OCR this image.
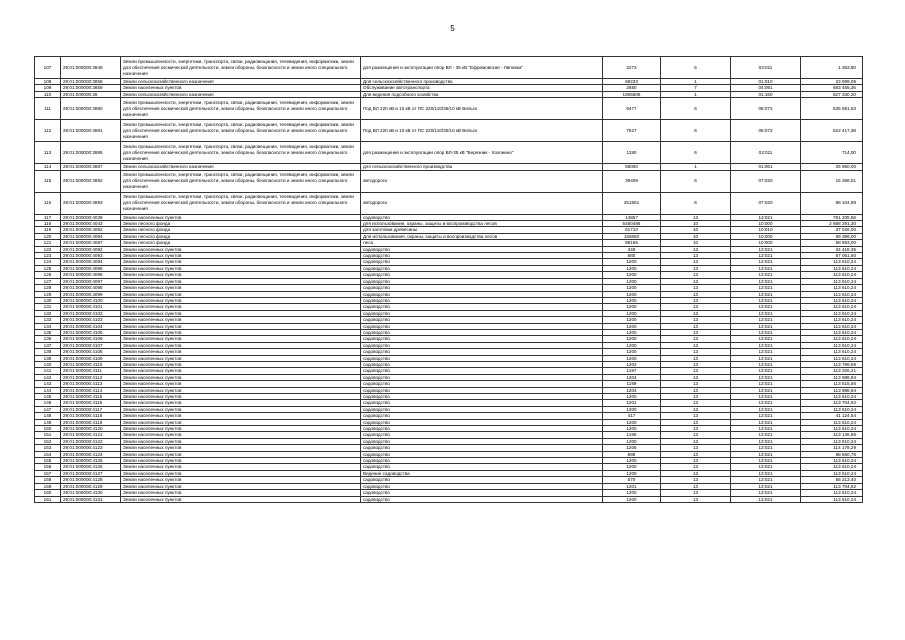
5
107	29:01:000000:3849	Земли промышленности, энергетики, транспорта, связи, радиовещания, телевидения, информатики, земли для обеспечения космической деятельности, земли обороны, безопасности и земли иного специального назначения	для размещения и эксплуатации опор ВЛ - 35 кВ "Ефремовская - Липовка"	2273	6	03:011	1 363,80
108	29:01:000000:3858	Земли сельскохозяйственного назначения	Для сельскохозяйственного производства	68233	1	01:010	23 899,05
109	29:01:000000:3859	Земли населенных пунктов	Обслуживание автотранспорта	2680	7	04:091	683 455,36
110	29:01:000000:38	Земли сельскохозяйственного назначения	Для ведения подсобного хозяйства	1865506	1	01:160	827 330,20
111	29:01:000000:3880	Земли промышленности, энергетики, транспорта, связи, радиовещания, телевидения, информатики, земли для обеспечения космической деятельности, земли обороны, безопасности и земли иного специального назначения	Под ВЛ 220 кВ и 10 кВ от ПС 220/110/35/10 кВ Вельск	6477	6	08:072	535 591,53
112	29:01:000000:3881	Земли промышленности, энергетики, транспорта, связи, радиовещания, телевидения, информатики, земли для обеспечения космической деятельности, земли обороны, безопасности и земли иного специального назначения	Под ВЛ 220 кВ и 10 кВ от ПС 220/110/35/10 кВ Вельск	7527	6	08:072	622 417,38
113	29:01:000000:3885	Земли промышленности, энергетики, транспорта, связи, радиовещания, телевидения, информатики, земли для обеспечения космической деятельности, земли обороны, безопасности и земли иного специального назначения	для размещения и эксплуатации опор ВЛ-35 кВ "Березник - Хохонино"	1190	6	03:011	714,00
114	29:01:000000:3887	Земли сельскохозяйственного назначения	для сельскохозяйственного производства	58000	1	01:061	25 960,00
115	29:01:000000:3892	Земли промышленности, энергетики, транспорта, связи, радиовещания, телевидения, информатики, земли для обеспечения космической деятельности, земли обороны, безопасности и земли иного специального назначения	автодорога	39409	6	07:020	15 368,51
116	29:01:000000:3893	Земли промышленности, энергетики, транспорта, связи, радиовещания, телевидения, информатики, земли для обеспечения космической деятельности, земли обороны, безопасности и земли иного специального назначения	автодорога	251551	6	07:020	98 104,89
117	29:01:000000:4039	Земли населенных пунктов	садоводство	14857	13	13:021	791 205,56
118	29:01:000000:4043	Земли лесного фонда	для использования, охраны, защиты и воспроизводства лесов	5460486	10	10:000	2 688 291,30
119	29:01:000000:4082	Земли лесного фонда	для заготовки древесины	61710	10	10:010	37 026,00
120	29:01:000000:4084	Земли лесного фонда	Для использования, охраны, защиты и воспроизводства лесов	165660	10	10:000	99 396,00
121	29:01:000000:4087	Земли лесного фонда	леса	98155	10	10:000	58 893,00
122	29:01:000000:4092	Земли населенных пунктов	садоводство	349	13	13:021	34 418,35
123	29:01:000000:4093	Земли населенных пунктов	садоводство	680	13	13:021	67 061,60
124	29:01:000000:4094	Земли населенных пунктов	садоводство	1200	13	13:021	113 610,24
125	29:01:000000:4095	Земли населенных пунктов	садоводство	1200	13	13:021	113 610,24
126	29:01:000000:4096	Земли населенных пунктов	садоводство	1200	13	13:021	113 610,24
127	29:01:000000:4097	Земли населенных пунктов	садоводство	1200	13	13:021	113 610,24
128	29:01:000000:4098	Земли населенных пунктов	садоводство	1200	13	13:021	113 610,24
129	29:01:000000:4099	Земли населенных пунктов	садоводство	1200	13	13:021	113 610,24
130	29:01:000000:4100	Земли населенных пунктов	садоводство	1200	13	13:021	113 610,24
131	29:01:000000:4101	Земли населенных пунктов	садоводство	1200	13	13:021	113 610,24
132	29:01:000000:4102	Земли населенных пунктов	садоводство	1200	13	13:021	113 610,24
133	29:01:000000:4103	Земли населенных пунктов	садоводство	1200	13	13:021	113 610,24
134	29:01:000000:4104	Земли населенных пунктов	садоводство	1200	13	13:021	113 610,24
135	29:01:000000:4105	Земли населенных пунктов	садоводство	1200	13	13:021	113 610,24
136	29:01:000000:4106	Земли населенных пунктов	садоводство	1200	13	13:021	113 610,24
137	29:01:000000:4107	Земли населенных пунктов	садоводство	1200	13	13:021	113 610,24
138	29:01:000000:4108	Земли населенных пунктов	садоводство	1200	13	13:021	113 610,24
139	29:01:000000:4109	Земли населенных пунктов	садоводство	1200	13	13:021	113 610,24
140	29:01:000000:4110	Земли населенных пунктов	садоводство	1202	13	13:021	113 799,59
141	29:01:000000:4111	Земли населенных пунктов	садоводство	1197	13	13:021	113 326,21
142	29:01:000000:4112	Земли населенных пунктов	садоводство	1204	13	13:021	113 988,94
143	29:01:000000:4113	Земли населенных пунктов	садоводство	1199	13	13:021	113 515,56
144	29:01:000000:4114	Земли населенных пунктов	садоводство	1204	13	13:021	113 988,94
145	29:01:000000:4115	Земли населенных пунктов	садоводство	1200	13	13:021	113 610,24
146	29:01:000000:4116	Земли населенных пунктов	садоводство	1201	13	13:021	113 704,92
147	29:01:000000:4117	Земли населенных пунктов	садоводство	1200	13	13:021	113 610,24
148	29:01:000000:4118	Земли населенных пунктов	садоводство	417	13	13:021	41 124,54
149	29:01:000000:4119	Земли населенных пунктов	садоводство	1200	13	13:021	113 610,24
150	29:01:000000:4120	Земли населенных пунктов	садоводство	1200	13	13:021	113 610,24
151	29:01:000000:4121	Земли населенных пунктов	садоводство	1195	13	13:021	113 136,86
152	29:01:000000:4122	Земли населенных пунктов	садоводство	1200	13	13:021	113 610,24
153	29:01:000000:4123	Земли населенных пунктов	садоводство	1206	13	13:021	114 178,29
154	29:01:000000:4124	Земли населенных пунктов	садоводство	898	13	13:021	88 560,76
155	29:01:000000:4125	Земли населенных пунктов	садоводство	1200	13	13:021	113 610,24
156	29:01:000000:4126	Земли населенных пунктов	садоводство	1200	13	13:021	113 610,24
157	29:01:000000:4127	Земли населенных пунктов	Ведение садоводства	1200	13	13:021	113 610,24
158	29:01:000000:4128	Земли населенных пунктов	садоводство	570	13	13:021	56 213,40
159	29:01:000000:4129	Земли населенных пунктов	садоводство	1201	13	13:021	113 704,92
160	29:01:000000:4130	Земли населенных пунктов	садоводство	1200	13	13:021	113 610,24
161	29:01:000000:4131	Земли населенных пунктов	садоводство	1200	13	13:021	113 610,24
